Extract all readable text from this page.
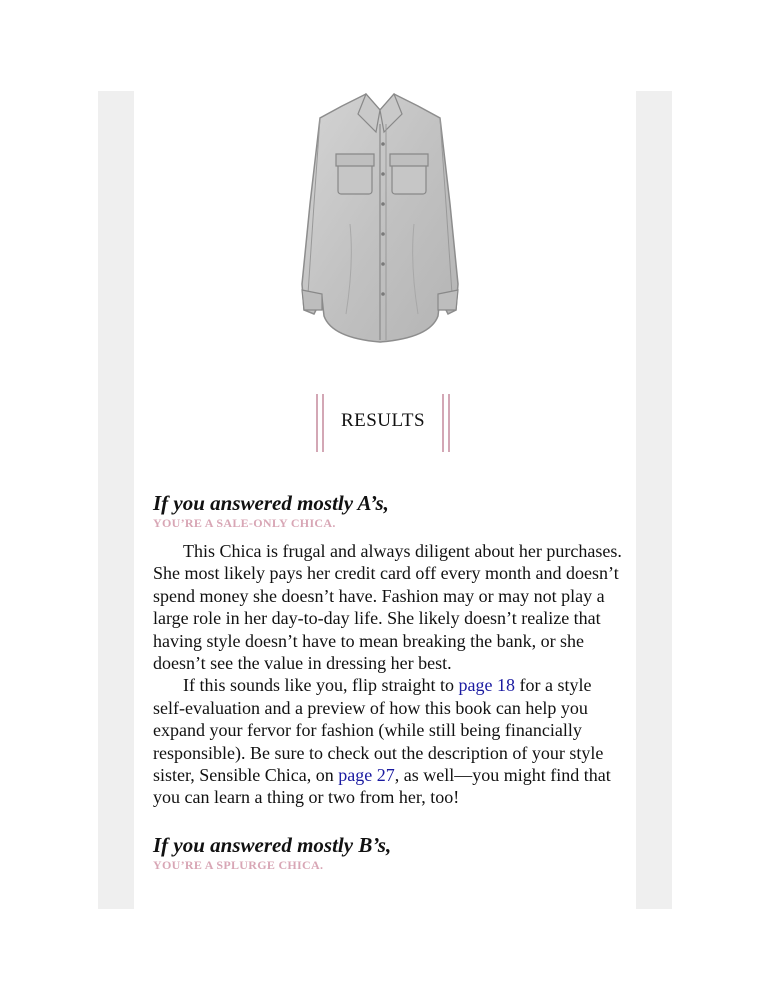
RESULTS

If you answered mostly A’s,

YOU’RE A SALE-ONLY CHICA.

This Chica is frugal and always diligent about her purchases. She most likely pays her credit card off every month and doesn’t spend money she doesn’t have. Fashion may or may not play a large role in her day-to-day life. She likely doesn’t realize that having style doesn’t have to mean breaking the bank, or she doesn’t see the value in dressing her best.

If this sounds like you, flip straight to page 18 for a style self-evaluation and a preview of how this book can help you expand your fervor for fashion (while still being financially responsible). Be sure to check out the description of your style sister, Sensible Chica, on page 27, as well—you might find that you can learn a thing or two from her, too!

If you answered mostly B’s,

YOU’RE A SPLURGE CHICA.
